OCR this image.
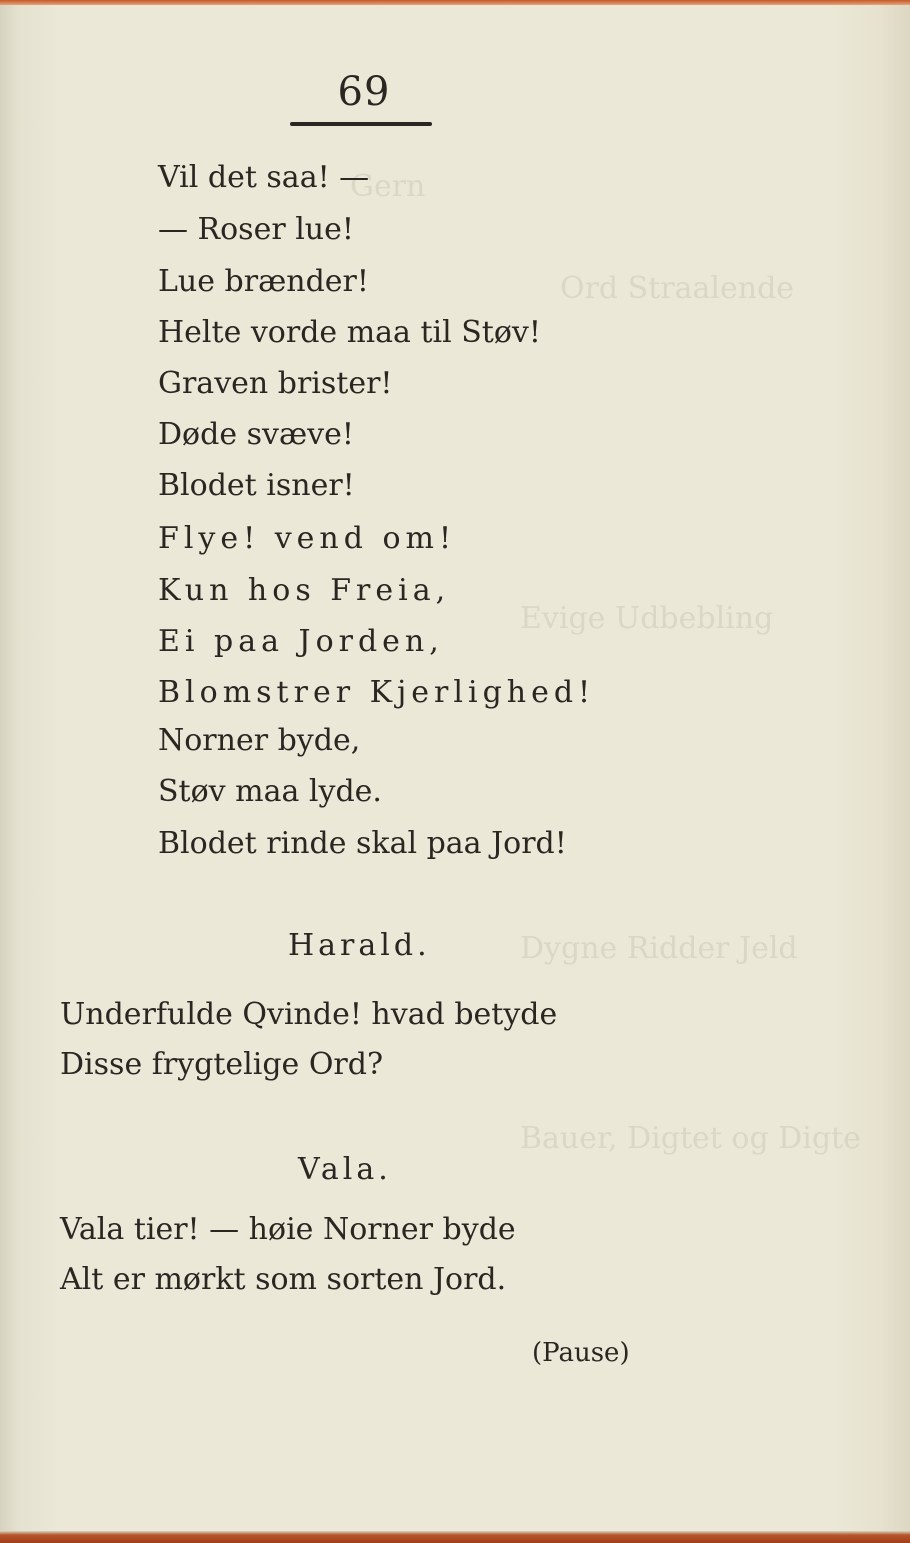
Gern
Ord Straalende
Evige Udbebling
Dygne Ridder Jeld
Bauer, Digtet og Digte
69
Vil det saa! —
— Roser lue!
Lue brænder!
Helte vorde maa til Støv!
Graven brister!
Døde svæve!
Blodet isner!
Flye! vend om!
Kun hos Freia,
Ei paa Jorden,
Blomstrer Kjerlighed!
Norner byde,
Støv maa lyde.
Blodet rinde skal paa Jord!
Harald.
Underfulde Qvinde! hvad betyde
Disse frygtelige Ord?
Vala.
Vala tier! — høie Norner byde
Alt er mørkt som sorten Jord.
(Pause)
